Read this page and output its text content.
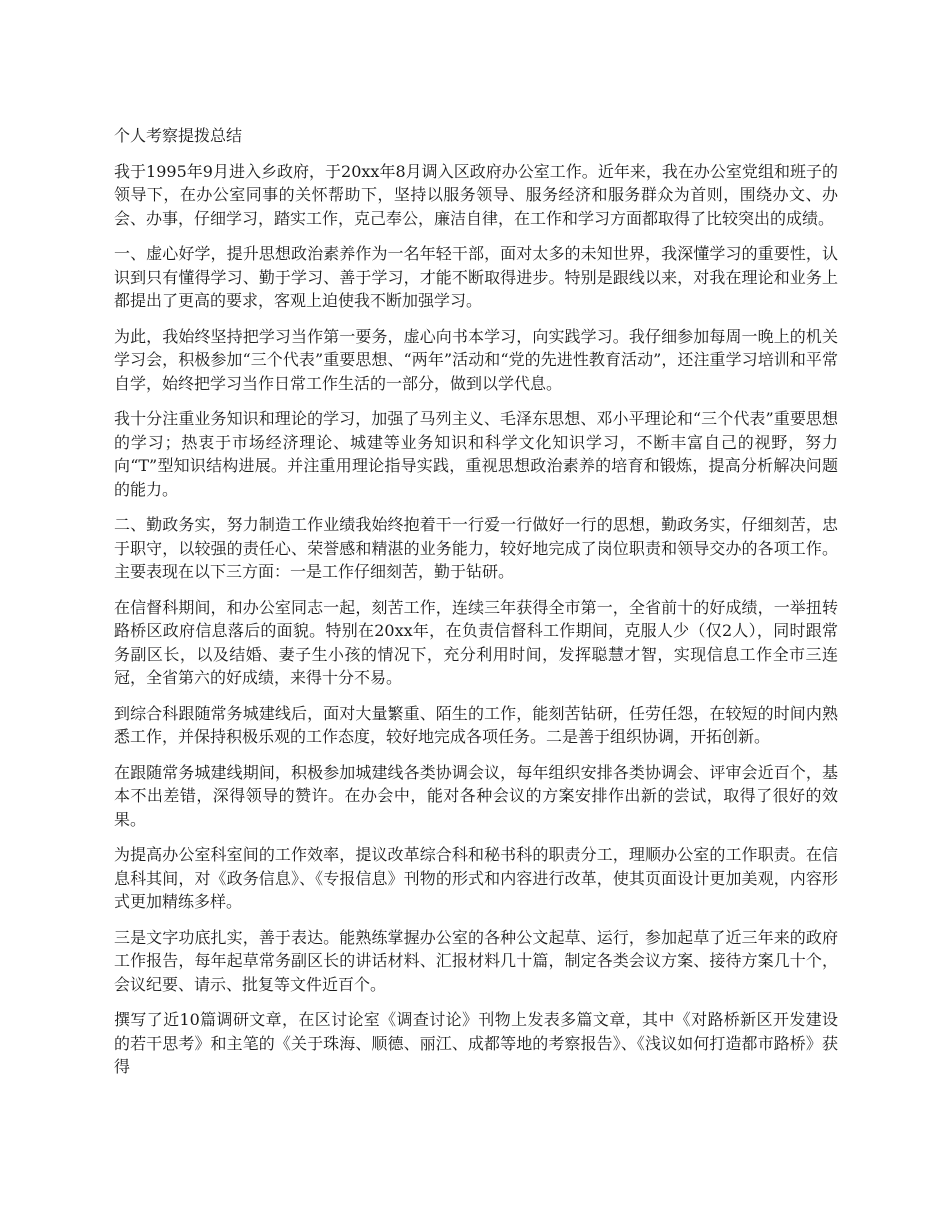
个人考察提拨总结

我于1995年9月进入乡政府，于20xx年8月调入区政府办公室工作。近年来，我在办公室党组和班子的领导下，在办公室同事的关怀帮助下，坚持以服务领导、服务经济和服务群众为首则，围绕办文、办会、办事，仔细学习，踏实工作，克己奉公，廉洁自律，在工作和学习方面都取得了比较突出的成绩。

一、虚心好学，提升思想政治素养作为一名年轻干部，面对太多的未知世界，我深懂学习的重要性，认识到只有懂得学习、勤于学习、善于学习，才能不断取得进步。特别是跟线以来，对我在理论和业务上都提出了更高的要求，客观上迫使我不断加强学习。

为此，我始终坚持把学习当作第一要务，虚心向书本学习，向实践学习。我仔细参加每周一晚上的机关学习会，积极参加“三个代表”重要思想、“两年”活动和“党的先进性教育活动”，还注重学习培训和平常自学，始终把学习当作日常工作生活的一部分，做到以学代息。

我十分注重业务知识和理论的学习，加强了马列主义、毛泽东思想、邓小平理论和“三个代表”重要思想的学习；热衷于市场经济理论、城建等业务知识和科学文化知识学习，不断丰富自己的视野，努力向“T”型知识结构进展。并注重用理论指导实践，重视思想政治素养的培育和锻炼，提高分析解决问题的能力。

二、勤政务实，努力制造工作业绩我始终抱着干一行爱一行做好一行的思想，勤政务实，仔细刻苦，忠于职守，以较强的责任心、荣誉感和精湛的业务能力，较好地完成了岗位职责和领导交办的各项工作。主要表现在以下三方面：一是工作仔细刻苦，勤于钻研。

在信督科期间，和办公室同志一起，刻苦工作，连续三年获得全市第一，全省前十的好成绩，一举扭转路桥区政府信息落后的面貌。特别在20xx年，在负责信督科工作期间，克服人少（仅2人），同时跟常务副区长，以及结婚、妻子生小孩的情况下，充分利用时间，发挥聪慧才智，实现信息工作全市三连冠，全省第六的好成绩，来得十分不易。

到综合科跟随常务城建线后，面对大量繁重、陌生的工作，能刻苦钻研，任劳任怨，在较短的时间内熟悉工作，并保持积极乐观的工作态度，较好地完成各项任务。二是善于组织协调，开拓创新。

在跟随常务城建线期间，积极参加城建线各类协调会议，每年组织安排各类协调会、评审会近百个，基本不出差错，深得领导的赞许。在办会中，能对各种会议的方案安排作出新的尝试，取得了很好的效果。

为提高办公室科室间的工作效率，提议改革综合科和秘书科的职责分工，理顺办公室的工作职责。在信息科其间，对《政务信息》、《专报信息》刊物的形式和内容进行改革，使其页面设计更加美观，内容形式更加精练多样。

三是文字功底扎实，善于表达。能熟练掌握办公室的各种公文起草、运行，参加起草了近三年来的政府工作报告，每年起草常务副区长的讲话材料、汇报材料几十篇，制定各类会议方案、接待方案几十个，会议纪要、请示、批复等文件近百个。

撰写了近10篇调研文章，在区讨论室《调查讨论》刊物上发表多篇文章，其中《对路桥新区开发建设的若干思考》和主笔的《关于珠海、顺德、丽江、成都等地的考察报告》、《浅议如何打造都市路桥》获得
